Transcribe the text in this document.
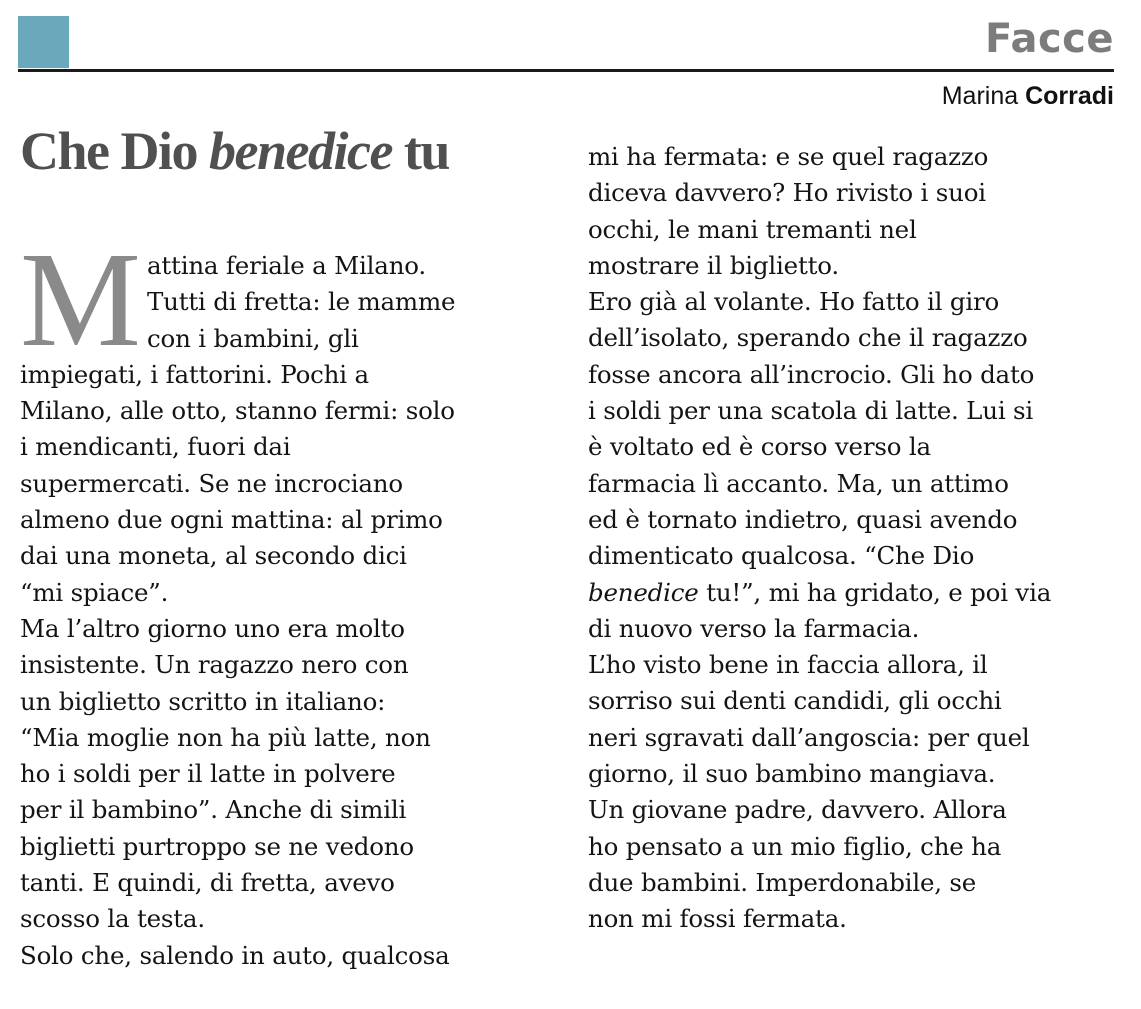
Facce
Marina Corradi
Che Dio benedice tu
M attina feriale a Milano.
Tutti di fretta: le mamme
con i bambini, gli
impiegati, i fattorini. Pochi a
Milano, alle otto, stanno fermi: solo
i mendicanti, fuori dai
supermercati. Se ne incrociano
almeno due ogni mattina: al primo
dai una moneta, al secondo dici
“mi spiace”.
Ma l’altro giorno uno era molto
insistente. Un ragazzo nero con
un biglietto scritto in italiano:
“Mia moglie non ha più latte, non
ho i soldi per il latte in polvere
per il bambino”. Anche di simili
biglietti purtroppo se ne vedono
tanti. E quindi, di fretta, avevo
scosso la testa.
Solo che, salendo in auto, qualcosa
mi ha fermata: e se quel ragazzo
diceva davvero? Ho rivisto i suoi
occhi, le mani tremanti nel
mostrare il biglietto.
Ero già al volante. Ho fatto il giro
dell’isolato, sperando che il ragazzo
fosse ancora all’incrocio. Gli ho dato
i soldi per una scatola di latte. Lui si
è voltato ed è corso verso la
farmacia lì accanto. Ma, un attimo
ed è tornato indietro, quasi avendo
dimenticato qualcosa. “Che Dio
benedice tu!”, mi ha gridato, e poi via
di nuovo verso la farmacia.
L’ho visto bene in faccia allora, il
sorriso sui denti candidi, gli occhi
neri sgravati dall’angoscia: per quel
giorno, il suo bambino mangiava.
Un giovane padre, davvero. Allora
ho pensato a un mio figlio, che ha
due bambini. Imperdonabile, se
non mi fossi fermata.
